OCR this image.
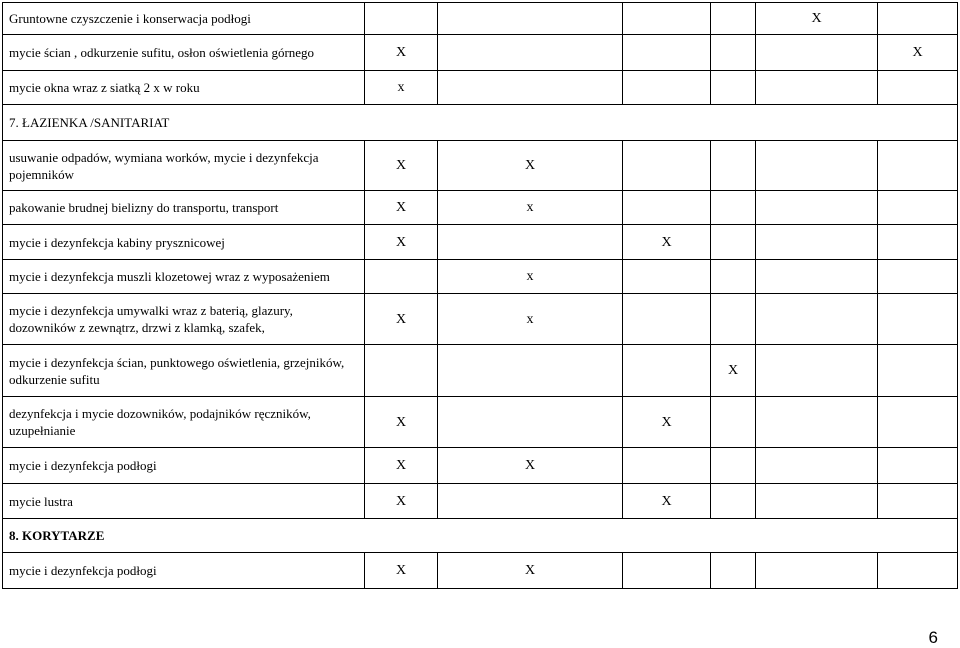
Gruntowne czyszczenie i konserwacja podłogi					X	
mycie ścian , odkurzenie sufitu, osłon oświetlenia górnego	X					X
mycie okna wraz z siatką 2 x w roku	x					
7. ŁAZIENKA /SANITARIAT						
usuwanie odpadów, wymiana worków, mycie i dezynfekcja pojemników	X	X				
pakowanie brudnej bielizny do transportu, transport	X	x				
mycie i dezynfekcja kabiny prysznicowej	X		X			
mycie i dezynfekcja muszli klozetowej wraz z wyposażeniem		x				
mycie i dezynfekcja umywalki wraz z baterią, glazury, dozowników z zewnątrz, drzwi z klamką, szafek,	X	x				
mycie i dezynfekcja ścian, punktowego oświetlenia, grzejników, odkurzenie sufitu				X		
dezynfekcja i mycie dozowników, podajników ręczników, uzupełnianie	X		X			
mycie i dezynfekcja podłogi	X	X				
mycie lustra	X		X			
8. KORYTARZE						
mycie i dezynfekcja podłogi	X	X				
6
